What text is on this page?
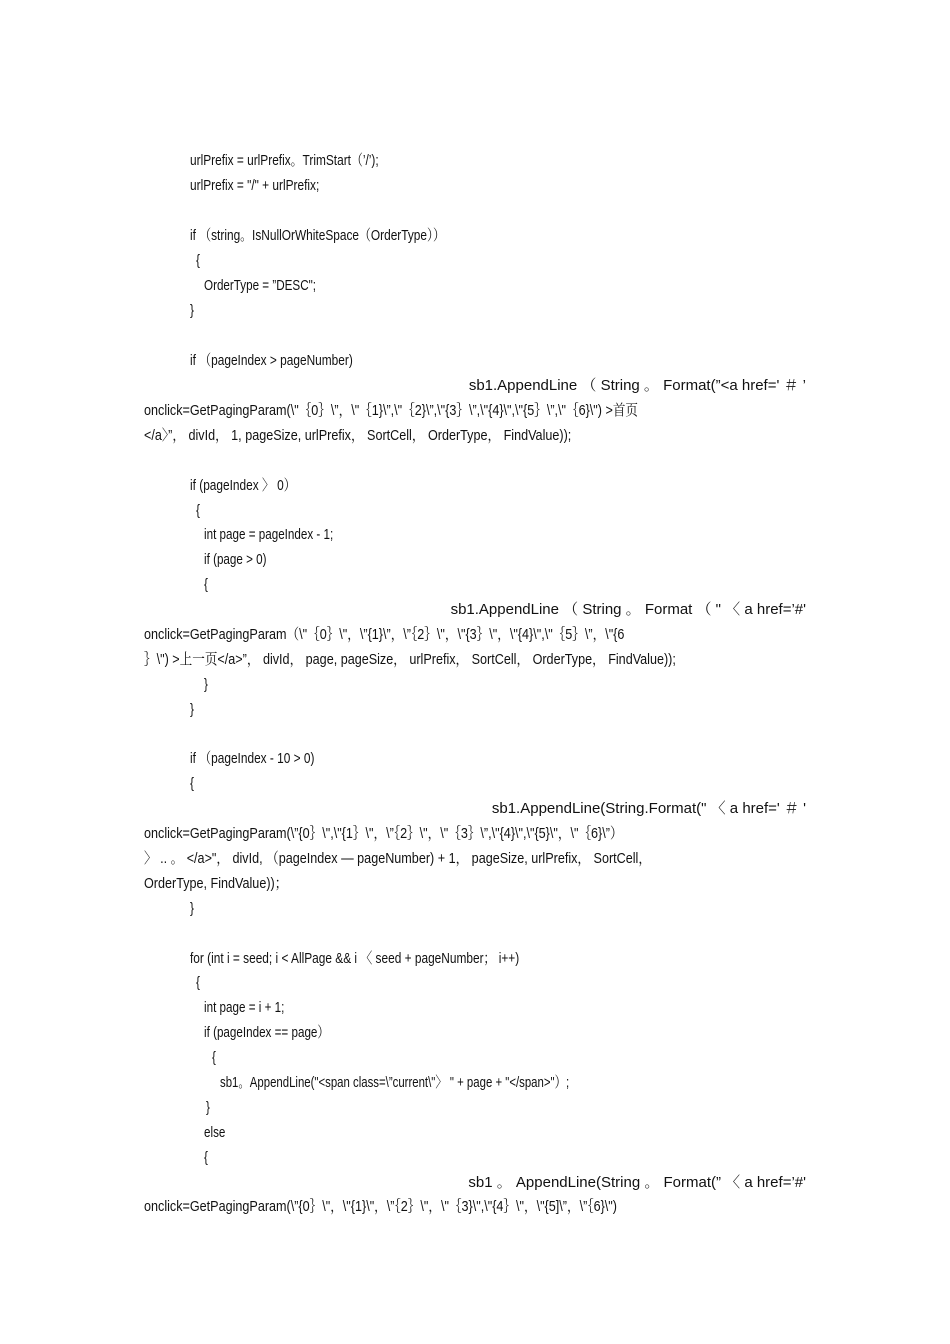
urlPrefix = urlPrefix。TrimStart（’/’);
urlPrefix = "/" + urlPrefix;
if （string。IsNullOrWhiteSpace（OrderType））
{
OrderType = ”DESC";
}
if （pageIndex > pageNumber)
sb1.AppendLine （ String 。 Format(”<a href=' ＃ ’
onclick=GetPagingParam(\"｛0｝\”，\"｛1}\”,\"｛2}\”,\"{3｝\”,\"{4}\",\"{5｝\”,\"｛6}\") >首页
</a〉”， divId， 1, pageSize, urlPrefix， SortCell， OrderType， FindValue));
if (pageIndex 〉 0）
{
int page = pageIndex - 1;
if (page > 0)
{
sb1.AppendLine （ String 。 Format （ " 〈 a href=’#'
onclick=GetPagingParam（\"｛0｝\"，\”{1}\”，\”｛2｝\"，\"{3｝\"，\"{4}\",\"｛5｝\”，\"{6
｝\") >上一页</a>”， divId， page, pageSize， urlPrefix， SortCell， OrderType， FindValue));
}
}
if （pageIndex - 10 > 0)
{
sb1.AppendLine(String.Format(" 〈 a href=' ＃ '
onclick=GetPagingParam(\”{0｝\",\"{1｝\"，\”｛2｝\"，\"｛3｝\”,\"{4}\",\"{5}\"，\"｛6}\”）
〉 .. 。 </a>"， divId, （pageIndex — pageNumber) + 1， pageSize, urlPrefix， SortCell，
OrderType, FindValue))；
}
for (int i = seed; i < AllPage && i 〈 seed + pageNumber； i++)
{
int page = i + 1;
if (pageIndex == page）
{
sb1。AppendLine("<span class=\”current\"〉 " + page + "</span>"）;
}
else
{
sb1 。 AppendLine(String 。 Format(” 〈 a href=’#'
onclick=GetPagingParam(\”{0｝\"，\"{1}\"，\”｛2｝\"，\"｛3}\",\"{4｝\"，\"{5]\”，\”｛6}\")
